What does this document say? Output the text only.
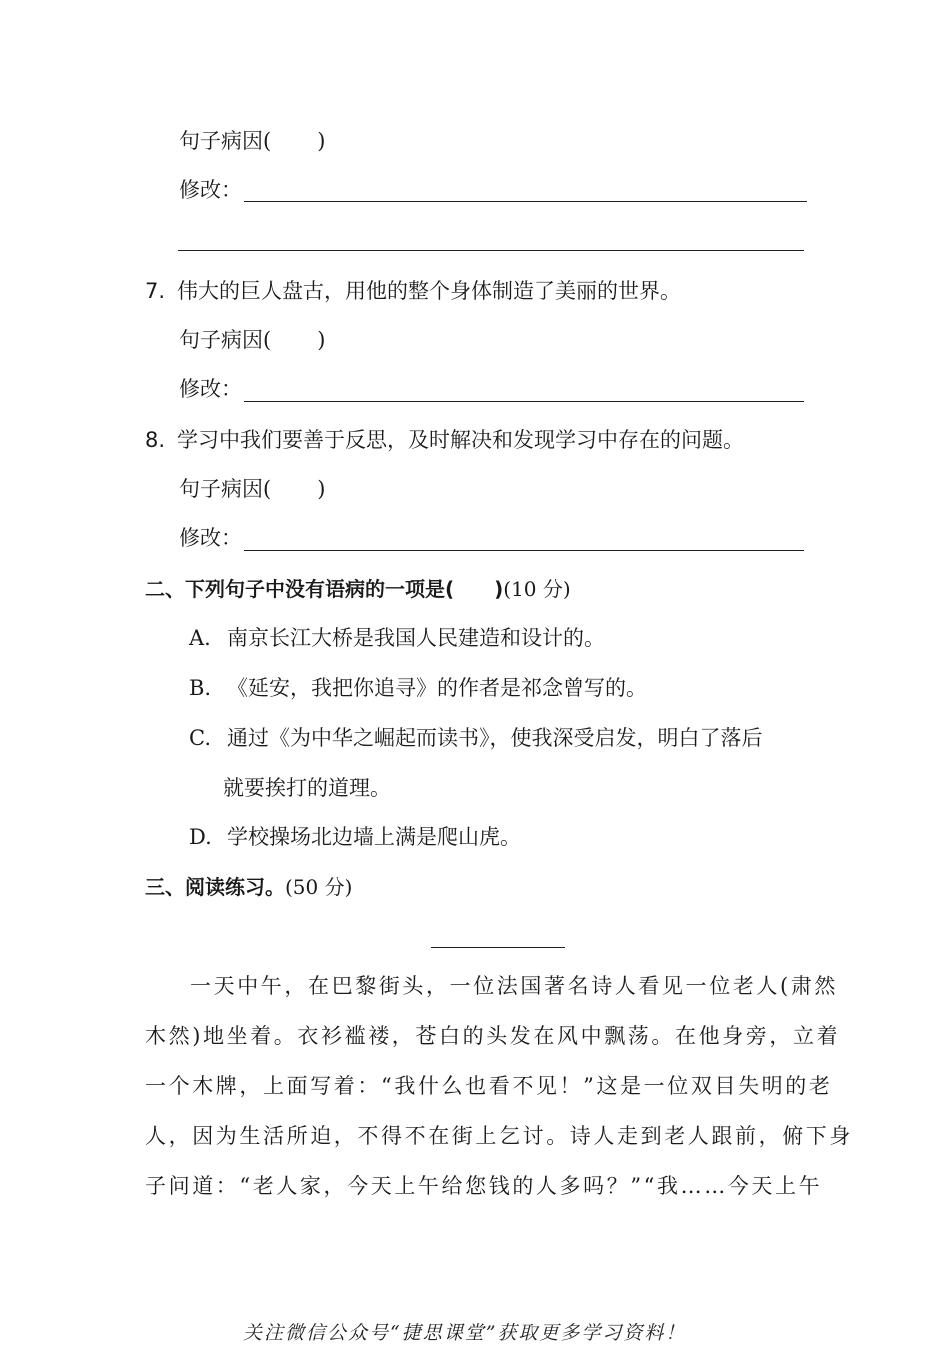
句子病因( )
修改：
7. 伟大的巨人盘古，用他的整个身体制造了美丽的世界。
句子病因( )
修改：
8. 学习中我们要善于反思，及时解决和发现学习中存在的问题。
句子病因( )
修改：
二、下列句子中没有语病的一项是( )(10 分)
A. 南京长江大桥是我国人民建造和设计的。
B. 《延安，我把你追寻》的作者是祁念曾写的。
C. 通过《为中华之崛起而读书》，使我深受启发，明白了落后
就要挨打的道理。
D. 学校操场北边墙上满是爬山虎。
三、阅读练习。(50 分)
一天中午，在巴黎街头，一位法国著名诗人看见一位老人(肃然
木然)地坐着。衣衫褴褛，苍白的头发在风中飘荡。在他身旁，立着
一个木牌，上面写着：“我什么也看不见！”这是一位双目失明的老
人，因为生活所迫，不得不在街上乞讨。诗人走到老人跟前，俯下身
子问道：“老人家，今天上午给您钱的人多吗？”“我……今天上午
关注微信公众号“捷思课堂”获取更多学习资料！
